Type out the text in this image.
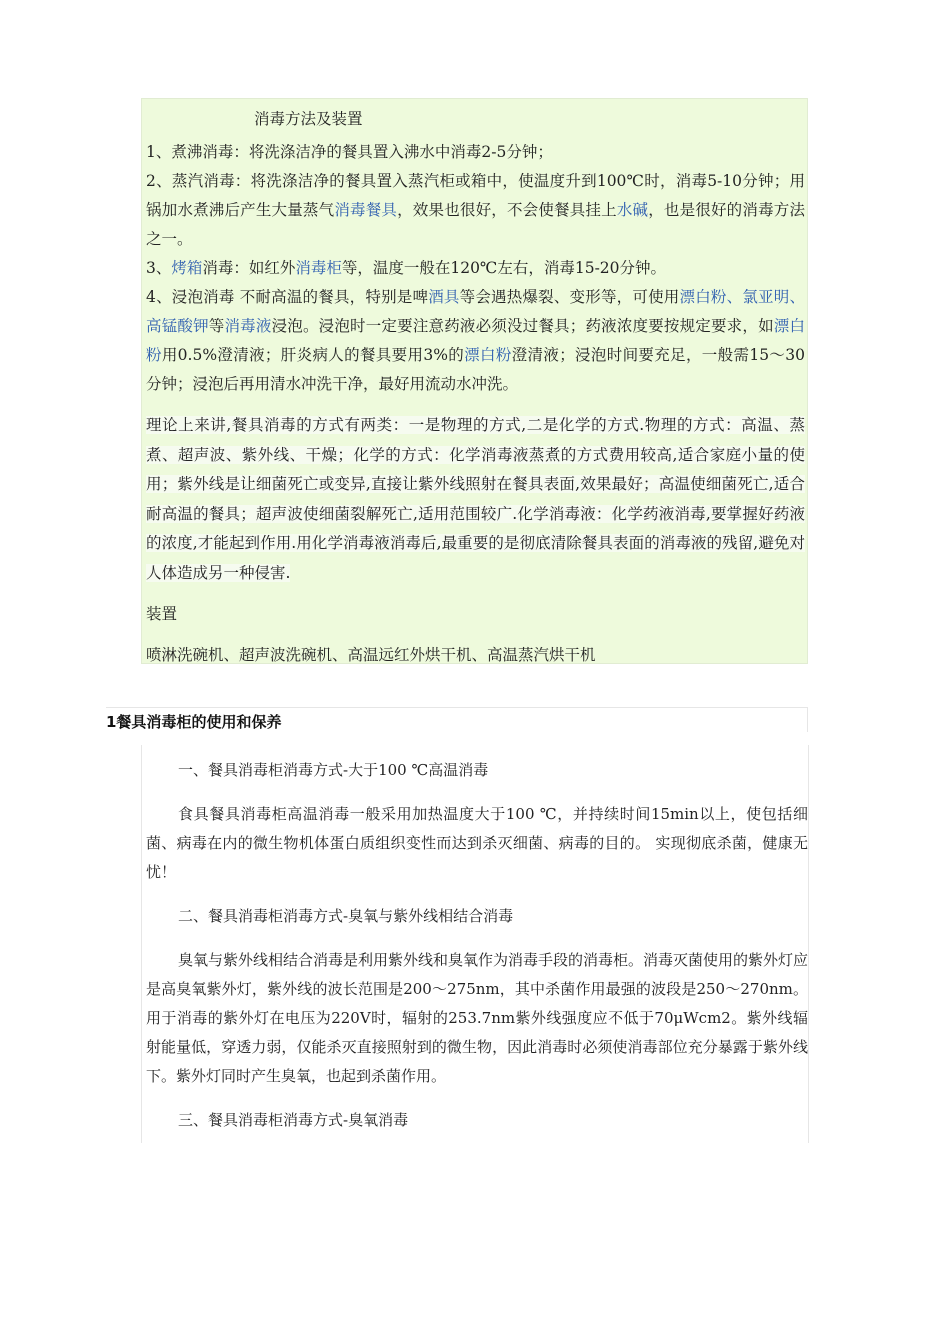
消毒方法及装置

1、煮沸消毒：将洗涤洁净的餐具置入沸水中消毒2-5分钟；

2、蒸汽消毒：将洗涤洁净的餐具置入蒸汽柜或箱中，使温度升到100℃时，消毒5-10分钟；用锅加水煮沸后产生大量蒸气消毒餐具，效果也很好，不会使餐具挂上水碱，也是很好的消毒方法之一。

3、烤箱消毒：如红外消毒柜等，温度一般在120℃左右，消毒15-20分钟。

4、浸泡消毒 不耐高温的餐具，特别是啤酒具等会遇热爆裂、变形等，可使用漂白粉、氯亚明、高锰酸钾等消毒液浸泡。浸泡时一定要注意药液必须没过餐具；药液浓度要按规定要求，如漂白粉用0.5%澄清液；肝炎病人的餐具要用3%的漂白粉澄清液；浸泡时间要充足，一般需15～30分钟；浸泡后再用清水冲洗干净，最好用流动水冲洗。

理论上来讲,餐具消毒的方式有两类：一是物理的方式,二是化学的方式.物理的方式：高温、蒸煮、超声波、紫外线、干燥；化学的方式：化学消毒液蒸煮的方式费用较高,适合家庭小量的使用；紫外线是让细菌死亡或变异,直接让紫外线照射在餐具表面,效果最好；高温使细菌死亡,适合耐高温的餐具；超声波使细菌裂解死亡,适用范围较广.化学消毒液：化学药液消毒,要掌握好药液的浓度,才能起到作用.用化学消毒液消毒后,最重要的是彻底清除餐具表面的消毒液的残留,避免对人体造成另一种侵害.

装置

喷淋洗碗机、超声波洗碗机、高温远红外烘干机、高温蒸汽烘干机

1餐具消毒柜的使用和保养

一、餐具消毒柜消毒方式-大于100 ℃高温消毒

食具餐具消毒柜高温消毒一般采用加热温度大于100 ℃，并持续时间15min以上，使包括细菌、病毒在内的微生物机体蛋白质组织变性而达到杀灭细菌、病毒的目的。 实现彻底杀菌，健康无忧！

二、餐具消毒柜消毒方式-臭氧与紫外线相结合消毒

臭氧与紫外线相结合消毒是利用紫外线和臭氧作为消毒手段的消毒柜。消毒灭菌使用的紫外灯应是高臭氧紫外灯，紫外线的波长范围是200～275nm，其中杀菌作用最强的波段是250～270nm。用于消毒的紫外灯在电压为220V时，辐射的253.7nm紫外线强度应不低于70μWcm2。紫外线辐射能量低，穿透力弱，仅能杀灭直接照射到的微生物，因此消毒时必须使消毒部位充分暴露于紫外线下。紫外灯同时产生臭氧，也起到杀菌作用。

三、餐具消毒柜消毒方式-臭氧消毒
